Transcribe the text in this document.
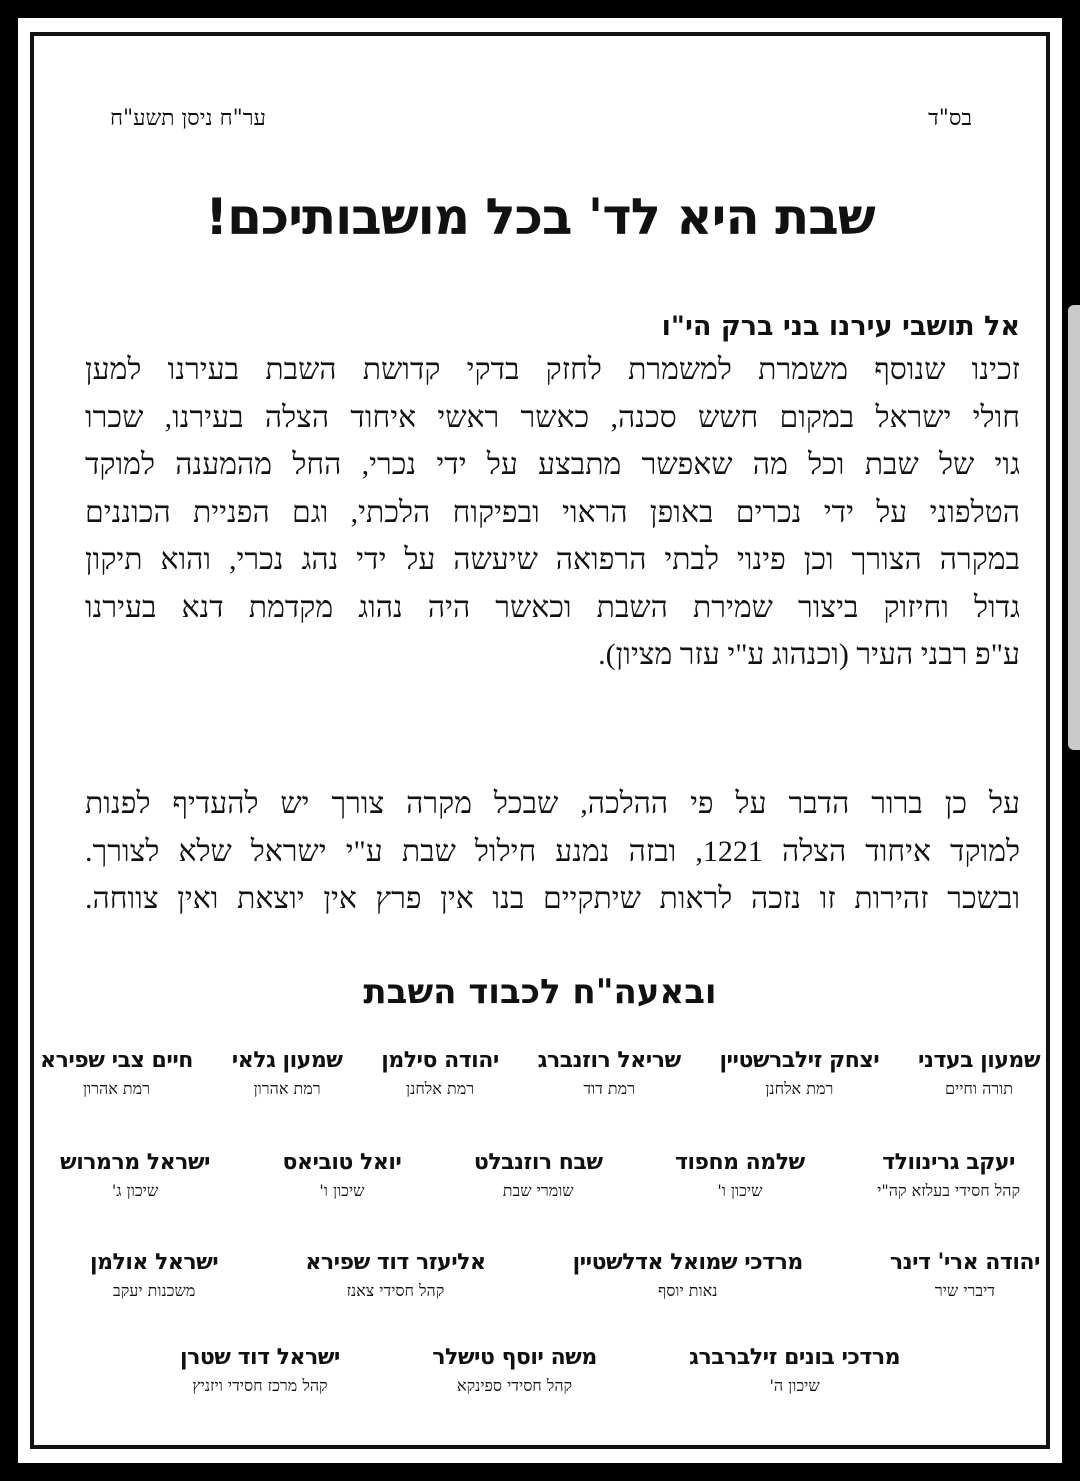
בס"ד
ער"ח ניסן תשע"ח
שבת היא לד' בכל מושבותיכם!
אל תושבי עירנו בני ברק הי"ו
זכינו שנוסף משמרת למשמרת לחזק בדקי קדושת השבת בעירנו למען
חולי ישראל במקום חשש סכנה, כאשר ראשי איחוד הצלה בעירנו, שכרו
גוי של שבת וכל מה שאפשר מתבצע על ידי נכרי, החל מהמענה למוקד
הטלפוני על ידי נכרים באופן הראוי ובפיקוח הלכתי, וגם הפניית הכוננים
במקרה הצורך וכן פינוי לבתי הרפואה שיעשה על ידי נהג נכרי, והוא תיקון
גדול וחיזוק ביצור שמירת השבת וכאשר היה נהוג מקדמת דנא בעירנו
ע"פ רבני העיר (וכנהוג ע"י עזר מציון).
על כן ברור הדבר על פי ההלכה, שבכל מקרה צורך יש להעדיף לפנות
למוקד איחוד הצלה 1221, ובזה נמנע חילול שבת ע"י ישראל שלא לצורך.
ובשכר זהירות זו נזכה לראות שיתקיים בנו אין פרץ אין יוצאת ואין צווחה.
ובאעה"ח לכבוד השבת
שמעון בעדני
תורה וחיים
יצחק זילברשטיין
רמת אלחנן
שריאל רוזנברג
רמת דוד
יהודה סילמן
רמת אלחנן
שמעון גלאי
רמת אהרון
חיים צבי שפירא
רמת אהרון
יעקב גרינוולד
קהל חסידי בעלזא קה"י
שלמה מחפוד
שיכון ו'
שבח רוזנבלט
שומרי שבת
יואל טוביאס
שיכון ו'
ישראל מרמרוש
שיכון ג'
יהודה ארי' דינר
דיברי שיר
מרדכי שמואל אדלשטיין
נאות יוסף
אליעזר דוד שפירא
קהל חסידי צאנז
ישראל אולמן
משכנות יעקב
מרדכי בונים זילברברג
שיכון ה'
משה יוסף טישלר
קהל חסידי ספינקא
ישראל דוד שטרן
קהל מרכז חסידי ויזניץ
